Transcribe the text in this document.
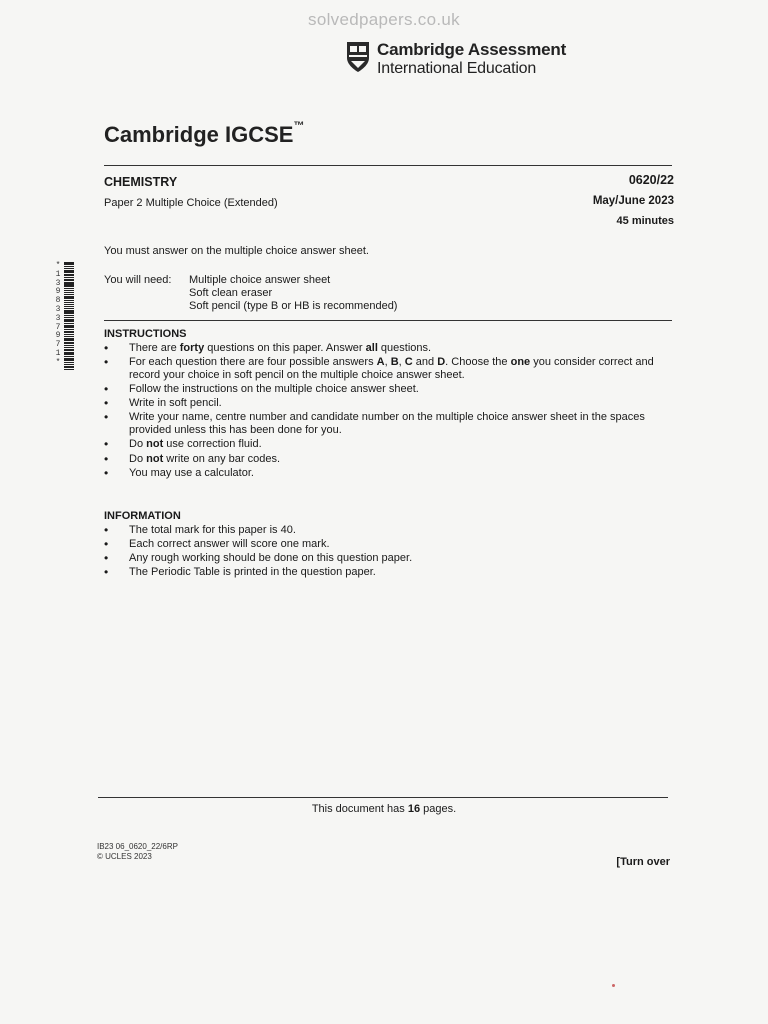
solvedpapers.co.uk
Cambridge Assessment
International Education
Cambridge IGCSE™
CHEMISTRY	0620/22
Paper 2 Multiple Choice (Extended)	May/June 2023
45 minutes
You must answer on the multiple choice answer sheet.
You will need: Multiple choice answer sheet
Soft clean eraser
Soft pencil (type B or HB is recommended)
*
1
3
9
8
3
3
7
9
7
1
*
INSTRUCTIONS
• There are forty questions on this paper. Answer all questions.
• For each question there are four possible answers A, B, C and D. Choose the one you consider correct and record your choice in soft pencil on the multiple choice answer sheet.
• Follow the instructions on the multiple choice answer sheet.
• Write in soft pencil.
• Write your name, centre number and candidate number on the multiple choice answer sheet in the spaces provided unless this has been done for you.
• Do not use correction fluid.
• Do not write on any bar codes.
• You may use a calculator.
INFORMATION
• The total mark for this paper is 40.
• Each correct answer will score one mark.
• Any rough working should be done on this question paper.
• The Periodic Table is printed in the question paper.
This document has 16 pages.
IB23 06_0620_22/6RP
© UCLES 2023	[Turn over
